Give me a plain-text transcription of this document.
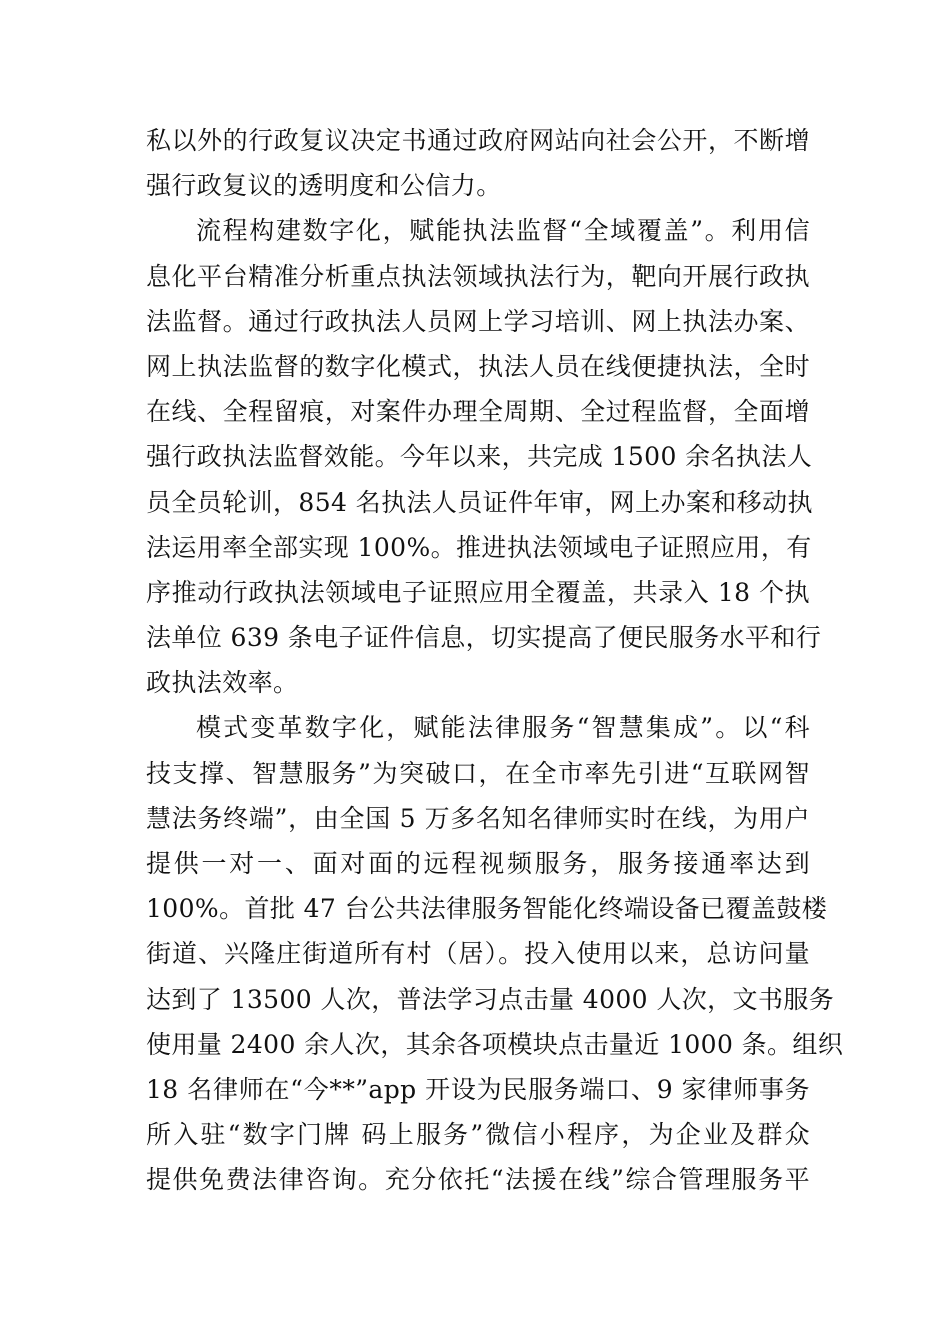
私以外的行政复议决定书通过政府网站向社会公开，不断增
强行政复议的透明度和公信力。
流程构建数字化，赋能执法监督“全域覆盖”。利用信
息化平台精准分析重点执法领域执法行为，靶向开展行政执
法监督。通过行政执法人员网上学习培训、网上执法办案、
网上执法监督的数字化模式，执法人员在线便捷执法，全时
在线、全程留痕，对案件办理全周期、全过程监督，全面增
强行政执法监督效能。今年以来，共完成 1500 余名执法人
员全员轮训，854 名执法人员证件年审，网上办案和移动执
法运用率全部实现 100%。推进执法领域电子证照应用，有
序推动行政执法领域电子证照应用全覆盖，共录入 18 个执
法单位 639 条电子证件信息，切实提高了便民服务水平和行
政执法效率。
模式变革数字化，赋能法律服务“智慧集成”。以“科
技支撑、智慧服务”为突破口，在全市率先引进“互联网智
慧法务终端”，由全国 5 万多名知名律师实时在线，为用户
提供一对一、面对面的远程视频服务，服务接通率达到
100%。首批 47 台公共法律服务智能化终端设备已覆盖鼓楼
街道、兴隆庄街道所有村（居）。投入使用以来，总访问量
达到了 13500 人次，普法学习点击量 4000 人次，文书服务
使用量 2400 余人次，其余各项模块点击量近 1000 条。组织
18 名律师在“今**”app 开设为民服务端口、9 家律师事务
所入驻“数字门牌 码上服务”微信小程序，为企业及群众
提供免费法律咨询。充分依托“法援在线”综合管理服务平
